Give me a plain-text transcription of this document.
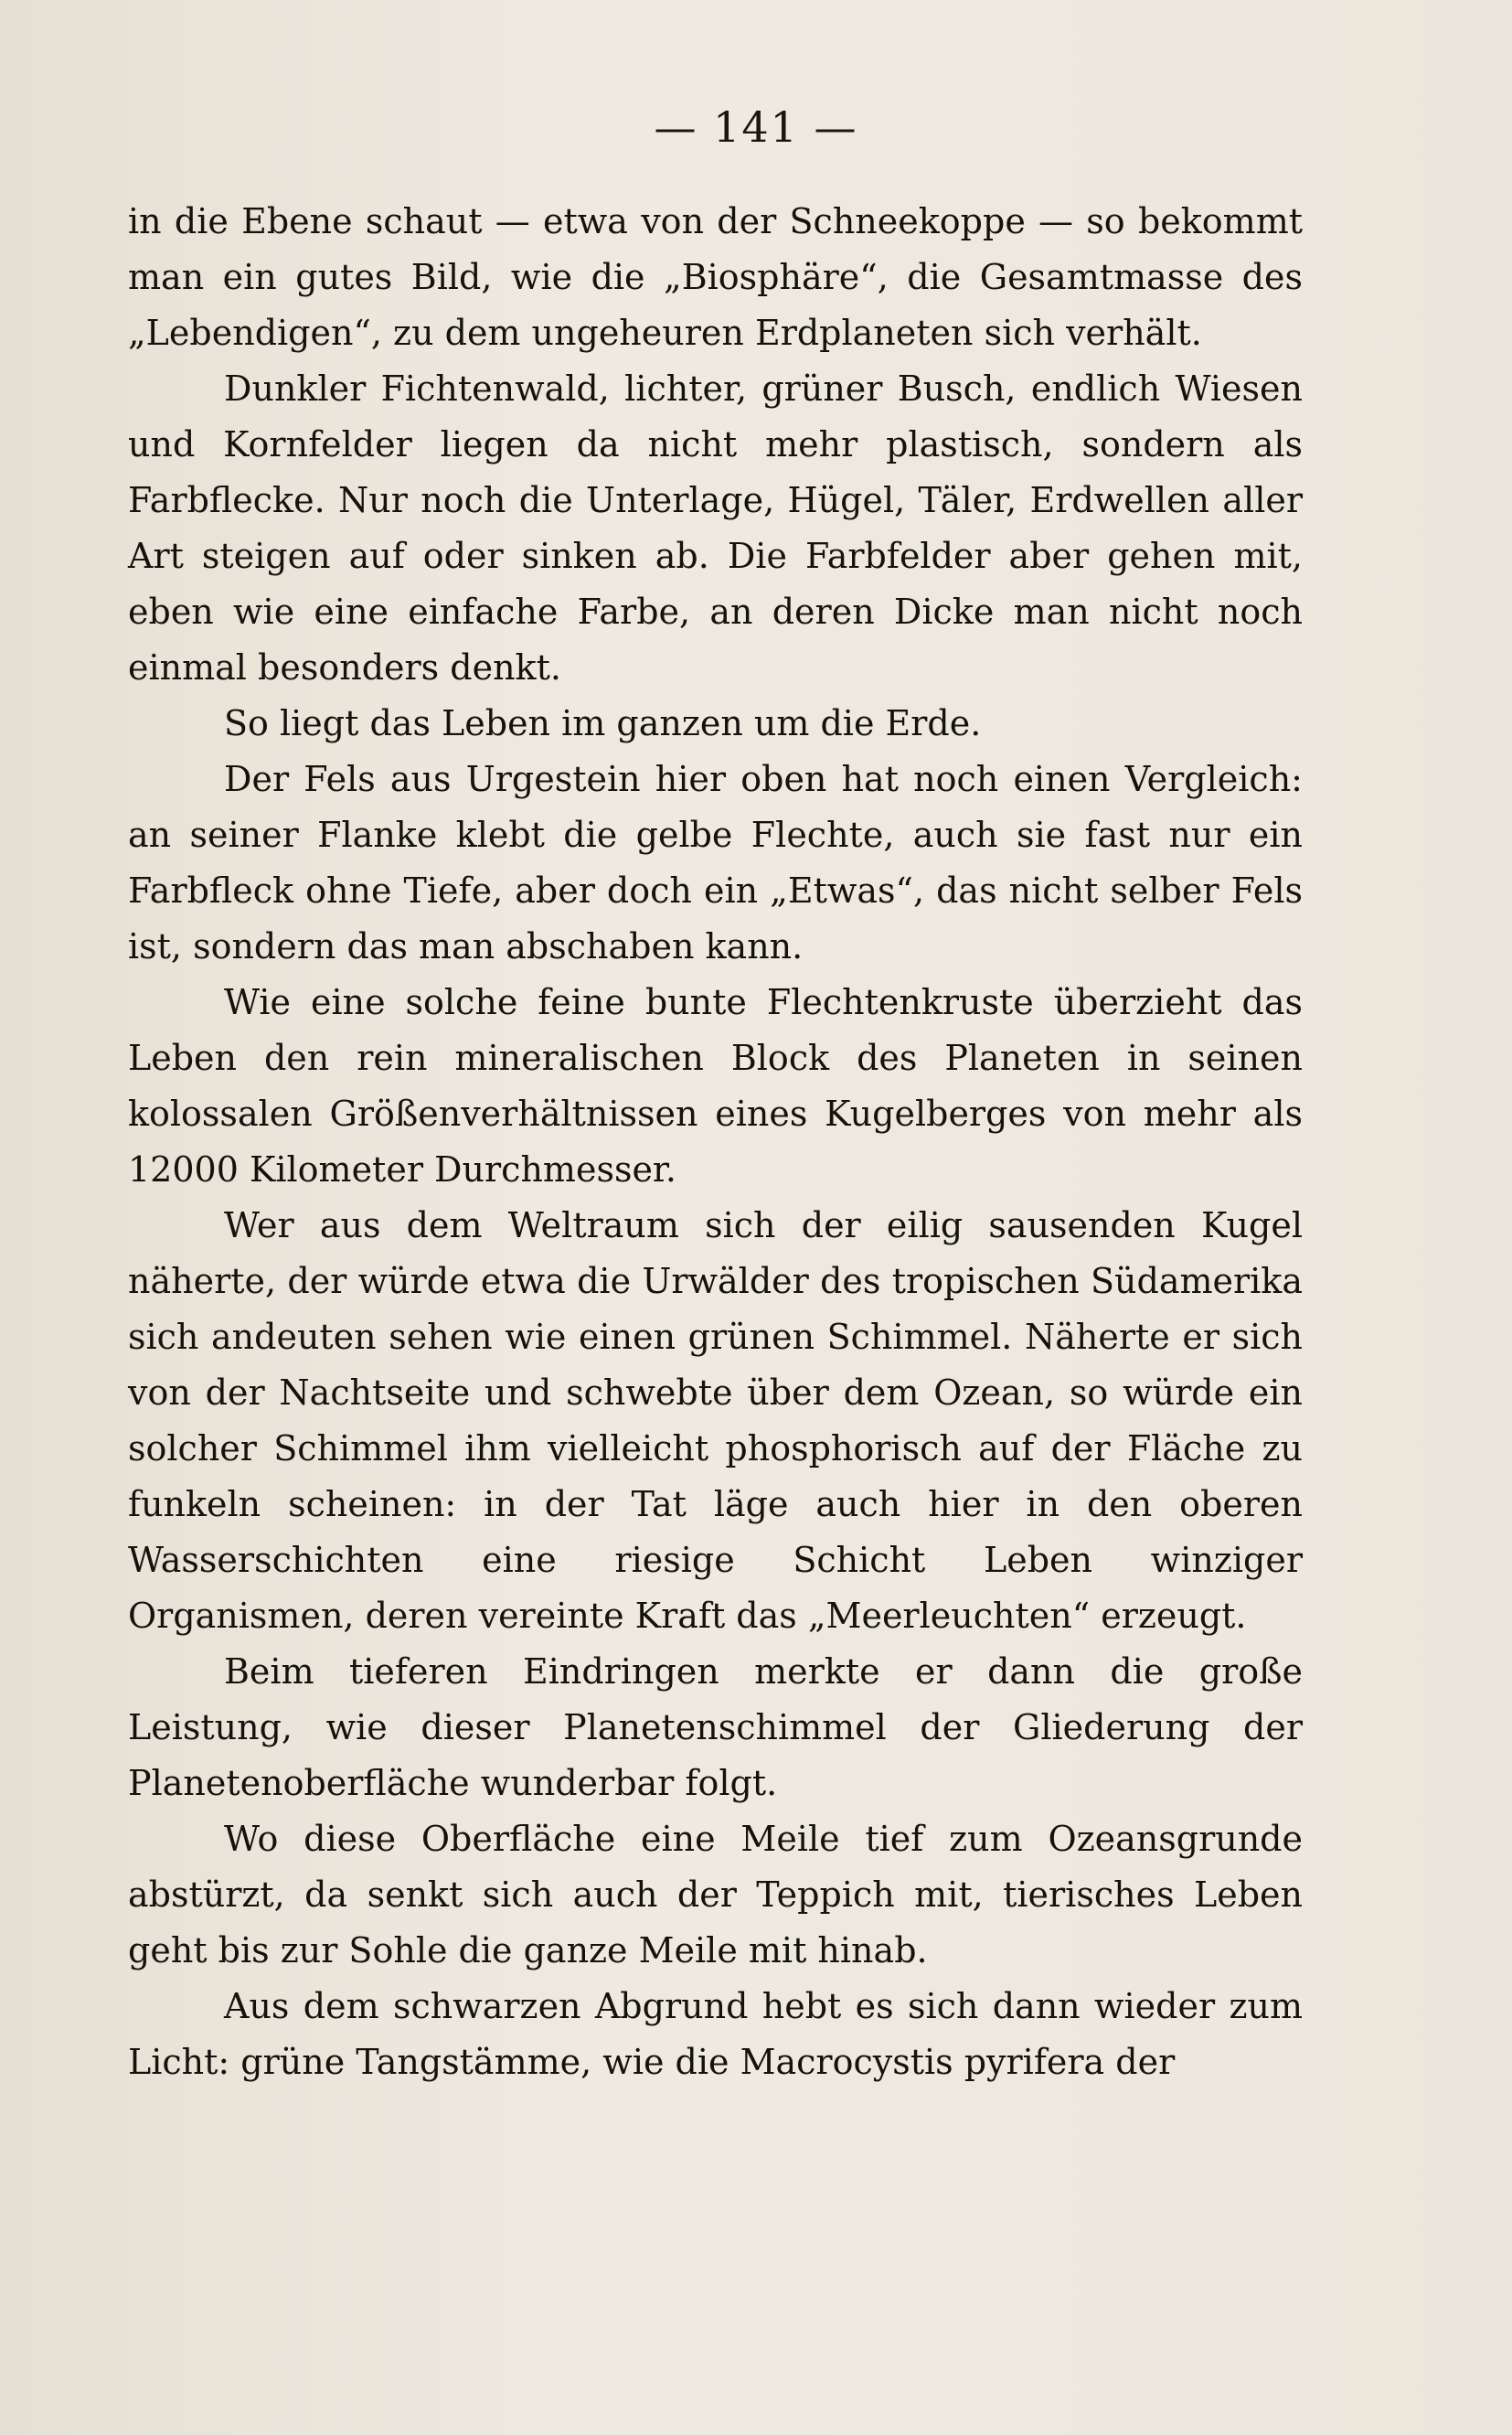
— 141 —

in die Ebene schaut — etwa von der Schneekoppe — so bekommt man ein gutes Bild, wie die „Biosphäre“, die Gesamtmasse des „Lebendigen“, zu dem ungeheuren Erdplaneten sich verhält.

Dunkler Fichtenwald, lichter, grüner Busch, endlich Wiesen und Kornfelder liegen da nicht mehr plastisch, sondern als Farbflecke. Nur noch die Unterlage, Hügel, Täler, Erdwellen aller Art steigen auf oder sinken ab. Die Farbfelder aber gehen mit, eben wie eine einfache Farbe, an deren Dicke man nicht noch einmal besonders denkt.

So liegt das Leben im ganzen um die Erde.

Der Fels aus Urgestein hier oben hat noch einen Vergleich: an seiner Flanke klebt die gelbe Flechte, auch sie fast nur ein Farbfleck ohne Tiefe, aber doch ein „Etwas“, das nicht selber Fels ist, sondern das man abschaben kann.

Wie eine solche feine bunte Flechtenkruste überzieht das Leben den rein mineralischen Block des Planeten in seinen kolossalen Größenverhältnissen eines Kugelberges von mehr als 12000 Kilometer Durchmesser.

Wer aus dem Weltraum sich der eilig sausenden Kugel näherte, der würde etwa die Urwälder des tropischen Südamerika sich andeuten sehen wie einen grünen Schimmel. Näherte er sich von der Nachtseite und schwebte über dem Ozean, so würde ein solcher Schimmel ihm vielleicht phosphorisch auf der Fläche zu funkeln scheinen: in der Tat läge auch hier in den oberen Wasserschichten eine riesige Schicht Leben winziger Organismen, deren vereinte Kraft das „Meerleuchten“ erzeugt.

Beim tieferen Eindringen merkte er dann die große Leistung, wie dieser Planetenschimmel der Gliederung der Planetenoberfläche wunderbar folgt.

Wo diese Oberfläche eine Meile tief zum Ozeansgrunde abstürzt, da senkt sich auch der Teppich mit, tierisches Leben geht bis zur Sohle die ganze Meile mit hinab.

Aus dem schwarzen Abgrund hebt es sich dann wieder zum Licht: grüne Tangstämme, wie die Macrocystis pyrifera der
